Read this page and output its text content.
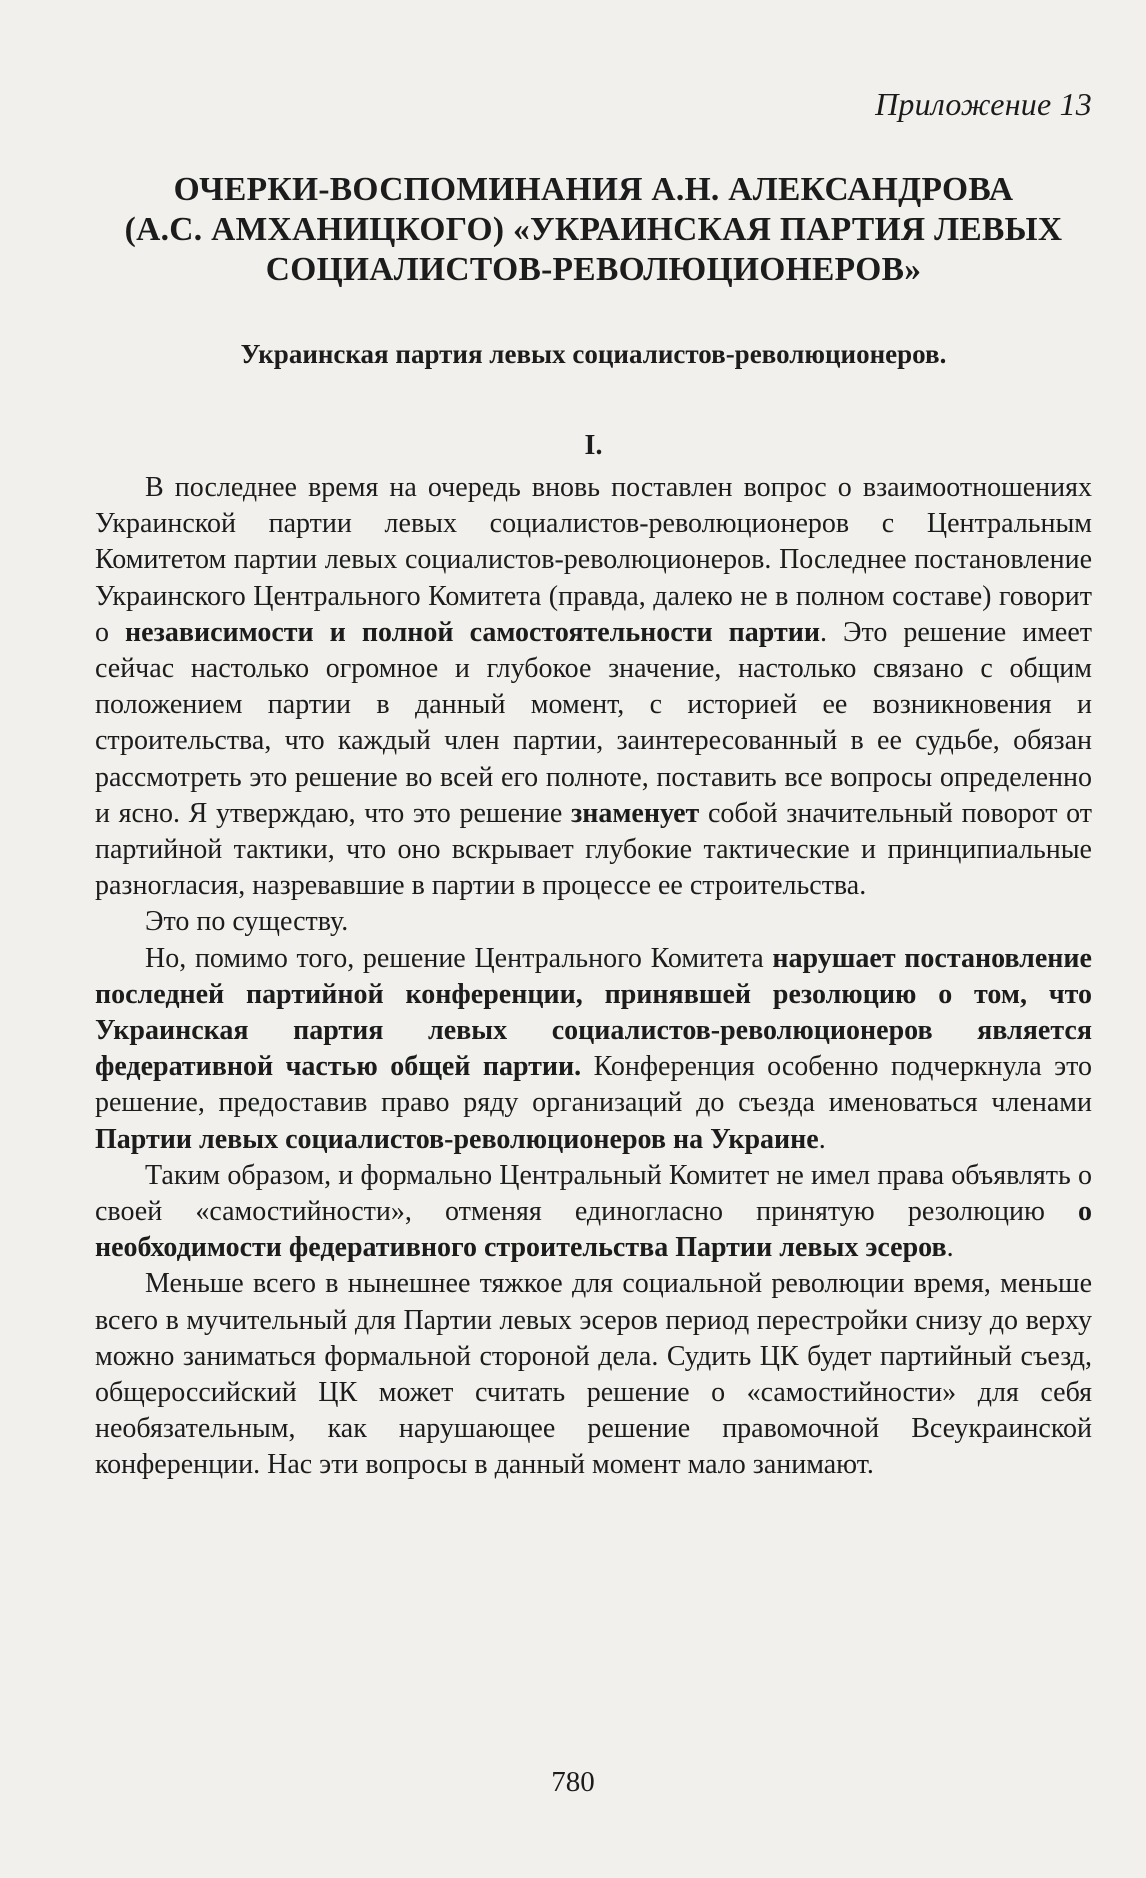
Приложение 13
ОЧЕРКИ-ВОСПОМИНАНИЯ А.Н. АЛЕКСАНДРОВА
(А.С. АМХАНИЦКОГО) «УКРАИНСКАЯ ПАРТИЯ ЛЕВЫХ
СОЦИАЛИСТОВ-РЕВОЛЮЦИОНЕРОВ»
Украинская партия левых социалистов-революционеров.
I.

В последнее время на очередь вновь поставлен вопрос о взаимоотношениях Украинской партии левых социалистов-революционеров с Центральным Комитетом партии левых социалистов-революционеров. Последнее постановление Украинского Центрального Комитета (правда, далеко не в полном составе) говорит о независимости и полной самостоятельности партии. Это решение имеет сейчас настолько огромное и глубокое значение, настолько связано с общим положением партии в данный момент, с историей ее возникновения и строительства, что каждый член партии, заинтересованный в ее судьбе, обязан рассмотреть это решение во всей его полноте, поставить все вопросы определенно и ясно. Я утверждаю, что это решение знаменует собой значительный поворот от партийной тактики, что оно вскрывает глубокие тактические и принципиальные разногласия, назревавшие в партии в процессе ее строительства.

Это по существу.

Но, помимо того, решение Центрального Комитета нарушает постановление последней партийной конференции, принявшей резолюцию о том, что Украинская партия левых социалистов-революционеров является федеративной частью общей партии. Конференция особенно подчеркнула это решение, предоставив право ряду организаций до съезда именоваться членами Партии левых социалистов-революционеров на Украине.

Таким образом, и формально Центральный Комитет не имел права объявлять о своей «самостийности», отменяя единогласно принятую резолюцию о необходимости федеративного строительства Партии левых эсеров.

Меньше всего в нынешнее тяжкое для социальной революции время, меньше всего в мучительный для Партии левых эсеров период перестройки снизу до верху можно заниматься формальной стороной дела. Судить ЦК будет партийный съезд, общероссийский ЦК может считать решение о «самостийности» для себя необязательным, как нарушающее решение правомочной Всеукраинской конференции. Нас эти вопросы в данный момент мало занимают.

780
